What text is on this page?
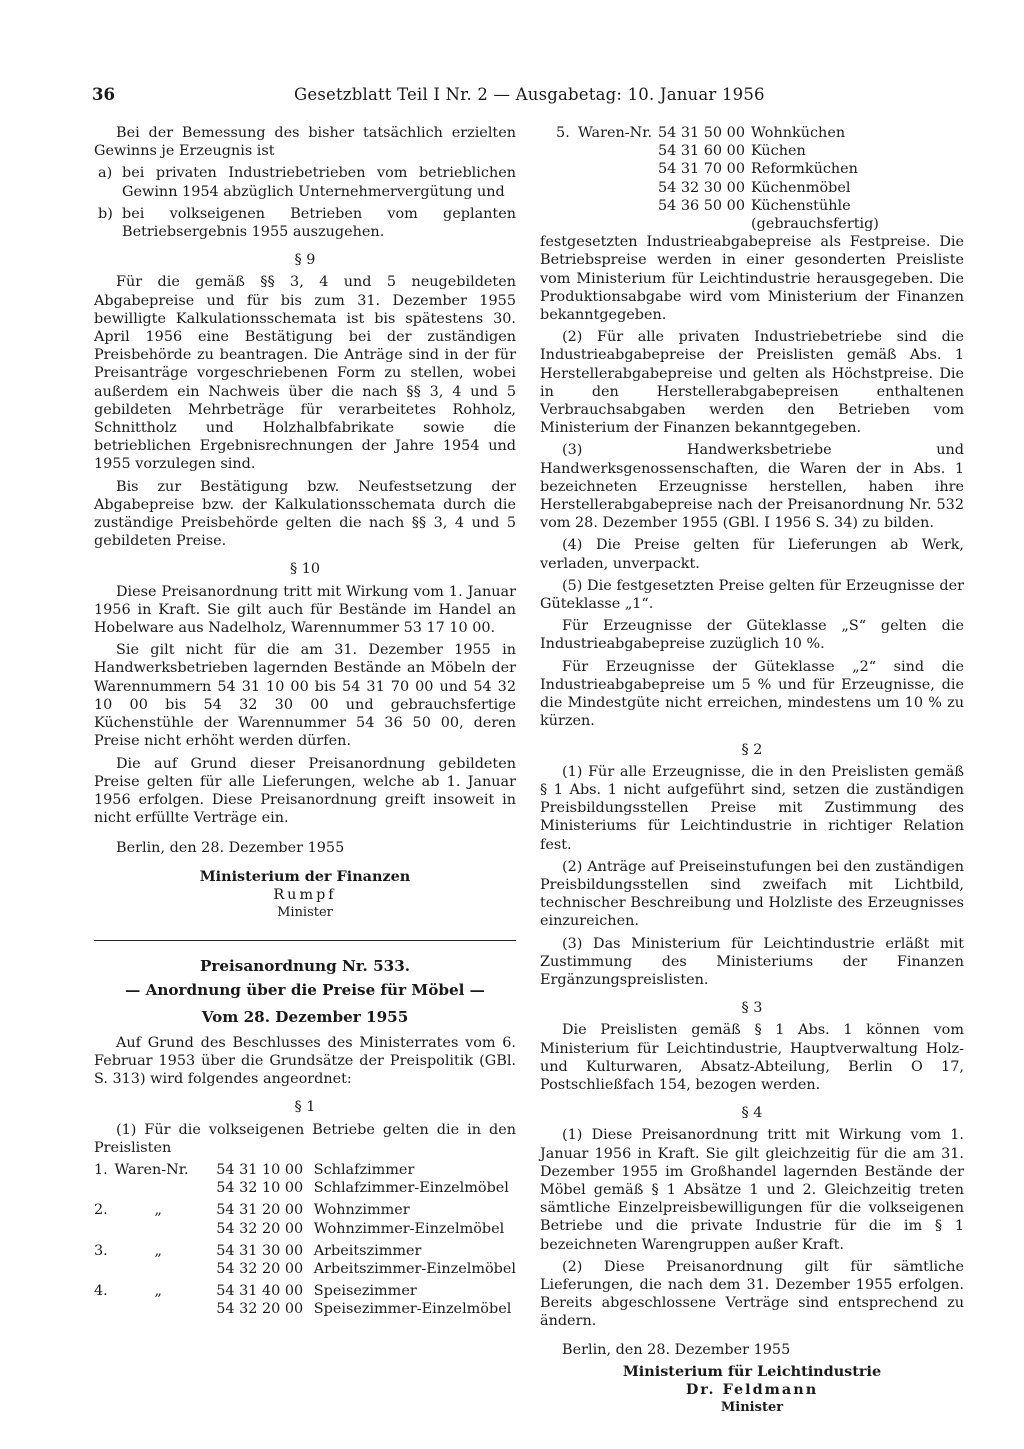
36	Gesetzblatt Teil I Nr. 2 — Ausgabetag: 10. Januar 1956

Bei der Bemessung des bisher tatsächlich erzielten Gewinns je Erzeugnis ist

a) bei privaten Industriebetrieben vom betrieblichen Gewinn 1954 abzüglich Unternehmervergütung und
b) bei volkseigenen Betrieben vom geplanten Betriebsergebnis 1955 auszugehen.

§ 9

Für die gemäß §§ 3, 4 und 5 neugebildeten Abgabepreise und für bis zum 31. Dezember 1955 bewilligte Kalkulationsschemata ist bis spätestens 30. April 1956 eine Bestätigung bei der zuständigen Preisbehörde zu beantragen. Die Anträge sind in der für Preisanträge vorgeschriebenen Form zu stellen, wobei außerdem ein Nachweis über die nach §§ 3, 4 und 5 gebildeten Mehrbeträge für verarbeitetes Rohholz, Schnittholz und Holzhalbfabrikate sowie die betrieblichen Ergebnisrechnungen der Jahre 1954 und 1955 vorzulegen sind.

Bis zur Bestätigung bzw. Neufestsetzung der Abgabepreise bzw. der Kalkulationsschemata durch die zuständige Preisbehörde gelten die nach §§ 3, 4 und 5 gebildeten Preise.

§ 10

Diese Preisanordnung tritt mit Wirkung vom 1. Januar 1956 in Kraft. Sie gilt auch für Bestände im Handel an Hobelware aus Nadelholz, Warennummer 53 17 10 00.

Sie gilt nicht für die am 31. Dezember 1955 in Handwerksbetrieben lagernden Bestände an Möbeln der Warennummern 54 31 10 00 bis 54 31 70 00 und 54 32 10 00 bis 54 32 30 00 und gebrauchsfertige Küchenstühle der Warennummer 54 36 50 00, deren Preise nicht erhöht werden dürfen.

Die auf Grund dieser Preisanordnung gebildeten Preise gelten für alle Lieferungen, welche ab 1. Januar 1956 erfolgen. Diese Preisanordnung greift insoweit in nicht erfüllte Verträge ein.

Berlin, den 28. Dezember 1955

Ministerium der Finanzen

Rumpf

Minister

Preisanordnung Nr. 533.

— Anordnung über die Preise für Möbel —

Vom 28. Dezember 1955

Auf Grund des Beschlusses des Ministerrates vom 6. Februar 1953 über die Grundsätze der Preispolitik (GBl. S. 313) wird folgendes angeordnet:

§ 1

(1) Für die volkseigenen Betriebe gelten die in den Preislisten

1.	Waren-Nr.	54 31 10 00	Schlafzimmer
		54 32 10 00	Schlafzimmer-Einzelmöbel

2.	„	54 31 20 00	Wohnzimmer
		54 32 20 00	Wohnzimmer-Einzelmöbel

3.	„	54 31 30 00	Arbeitszimmer
		54 32 20 00	Arbeitszimmer-Einzelmöbel

4.	„	54 31 40 00	Speisezimmer
		54 32 20 00	Speisezimmer-Einzelmöbel
5.	Waren-Nr.	54 31 50 00	Wohnküchen
		54 31 60 00	Küchen
		54 31 70 00	Reformküchen
		54 32 30 00	Küchenmöbel
		54 36 50 00	Küchenstühle (gebrauchsfertig)

festgesetzten Industrieabgabepreise als Festpreise. Die Betriebspreise werden in einer gesonderten Preisliste vom Ministerium für Leichtindustrie herausgegeben. Die Produktionsabgabe wird vom Ministerium der Finanzen bekanntgegeben.

(2) Für alle privaten Industriebetriebe sind die Industrieabgabepreise der Preislisten gemäß Abs. 1 Herstellerabgabepreise und gelten als Höchstpreise. Die in den Herstellerabgabepreisen enthaltenen Verbrauchsabgaben werden den Betrieben vom Ministerium der Finanzen bekanntgegeben.

(3) Handwerksbetriebe und Handwerksgenossenschaften, die Waren der in Abs. 1 bezeichneten Erzeugnisse herstellen, haben ihre Herstellerabgabepreise nach der Preisanordnung Nr. 532 vom 28. Dezember 1955 (GBl. I 1956 S. 34) zu bilden.

(4) Die Preise gelten für Lieferungen ab Werk, verladen, unverpackt.

(5) Die festgesetzten Preise gelten für Erzeugnisse der Güteklasse „1“.

Für Erzeugnisse der Güteklasse „S“ gelten die Industrieabgabepreise zuzüglich 10 %.

Für Erzeugnisse der Güteklasse „2“ sind die Industrieabgabepreise um 5 % und für Erzeugnisse, die die Mindestgüte nicht erreichen, mindestens um 10 % zu kürzen.

§ 2

(1) Für alle Erzeugnisse, die in den Preislisten gemäß § 1 Abs. 1 nicht aufgeführt sind, setzen die zuständigen Preisbildungsstellen Preise mit Zustimmung des Ministeriums für Leichtindustrie in richtiger Relation fest.

(2) Anträge auf Preiseinstufungen bei den zuständigen Preisbildungsstellen sind zweifach mit Lichtbild, technischer Beschreibung und Holzliste des Erzeugnisses einzureichen.

(3) Das Ministerium für Leichtindustrie erläßt mit Zustimmung des Ministeriums der Finanzen Ergänzungspreislisten.

§ 3

Die Preislisten gemäß § 1 Abs. 1 können vom Ministerium für Leichtindustrie, Hauptverwaltung Holz- und Kulturwaren, Absatz-Abteilung, Berlin O 17, Postschließfach 154, bezogen werden.

§ 4

(1) Diese Preisanordnung tritt mit Wirkung vom 1. Januar 1956 in Kraft. Sie gilt gleichzeitig für die am 31. Dezember 1955 im Großhandel lagernden Bestände der Möbel gemäß § 1 Absätze 1 und 2. Gleichzeitig treten sämtliche Einzelpreisbewilligungen für die volkseigenen Betriebe und die private Industrie für die im § 1 bezeichneten Warengruppen außer Kraft.

(2) Diese Preisanordnung gilt für sämtliche Lieferungen, die nach dem 31. Dezember 1955 erfolgen. Bereits abgeschlossene Verträge sind entsprechend zu ändern.

Berlin, den 28. Dezember 1955

Ministerium für Leichtindustrie

Dr. Feldmann

Minister
